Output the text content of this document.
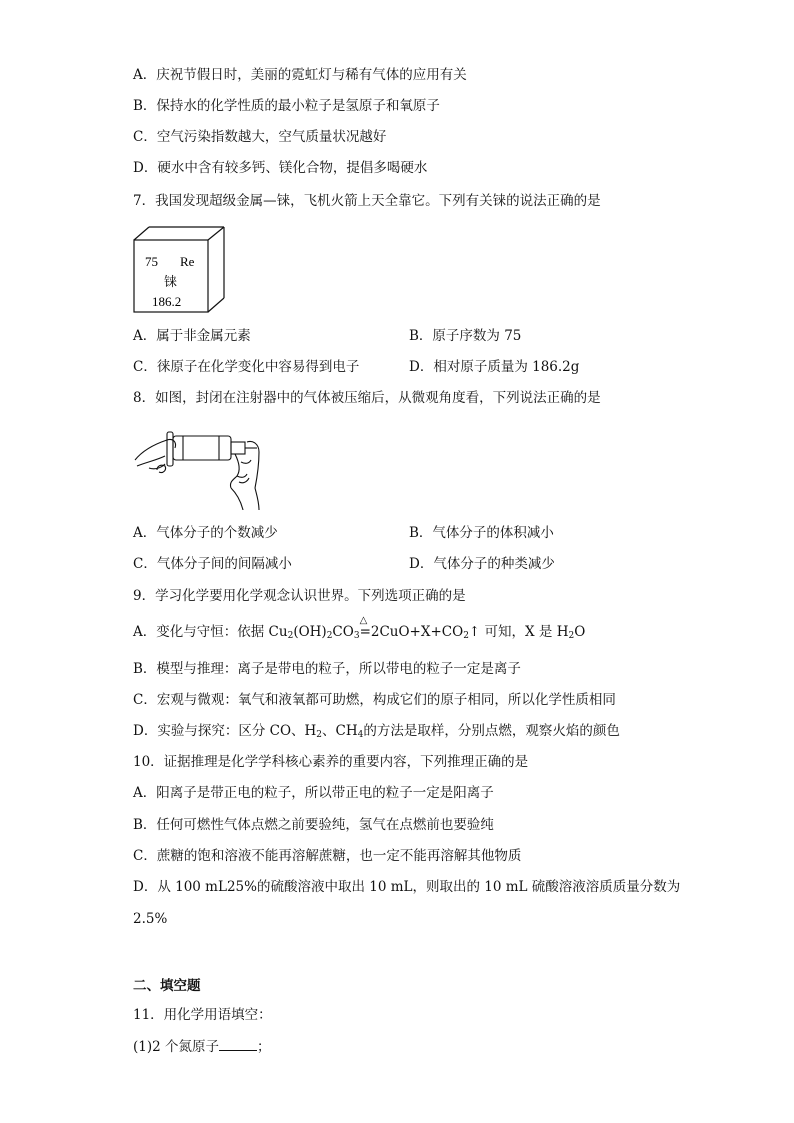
A．庆祝节假日时，美丽的霓虹灯与稀有气体的应用有关
B．保持水的化学性质的最小粒子是氢原子和氧原子
C．空气污染指数越大，空气质量状况越好
D．硬水中含有较多钙、镁化合物，提倡多喝硬水
7．我国发现超级金属—铼，飞机火箭上天全靠它。下列有关铼的说法正确的是
75 Re
铼
186.2
A．属于非金属元素	B．原子序数为 75
C．徕原子在化学变化中容易得到电子	D．相对原子质量为 186.2g
8．如图，封闭在注射器中的气体被压缩后，从微观角度看，下列说法正确的是
A．气体分子的个数减少	B．气体分子的体积减小
C．气体分子间的间隔减小	D．气体分子的种类减少
9．学习化学要用化学观念认识世界。下列选项正确的是
A．变化与守恒：依据 $Cu_2(OH)_2CO_3$
△
$=2CuO+X+CO_2↑$ 可知，X 是 $H_2O$
B．模型与推理：离子是带电的粒子，所以带电的粒子一定是离子
C．宏观与微观：氧气和液氧都可助燃，构成它们的原子相同，所以化学性质相同
D．实验与探究：区分 CO、$H_2$、$CH_4$的方法是取样，分别点燃，观察火焰的颜色
10．证据推理是化学学科核心素养的重要内容，下列推理正确的是
A．阳离子是带正电的粒子，所以带正电的粒子一定是阳离子
B．任何可燃性气体点燃之前要验纯，氢气在点燃前也要验纯
C．蔗糖的饱和溶液不能再溶解蔗糖，也一定不能再溶解其他物质
D．从 100 mL25%的硫酸溶液中取出 10 mL，则取出的 10 mL 硫酸溶液溶质质量分数为
2.5%
二、填空题
11．用化学用语填空：
(1)2 个氮原子	；
